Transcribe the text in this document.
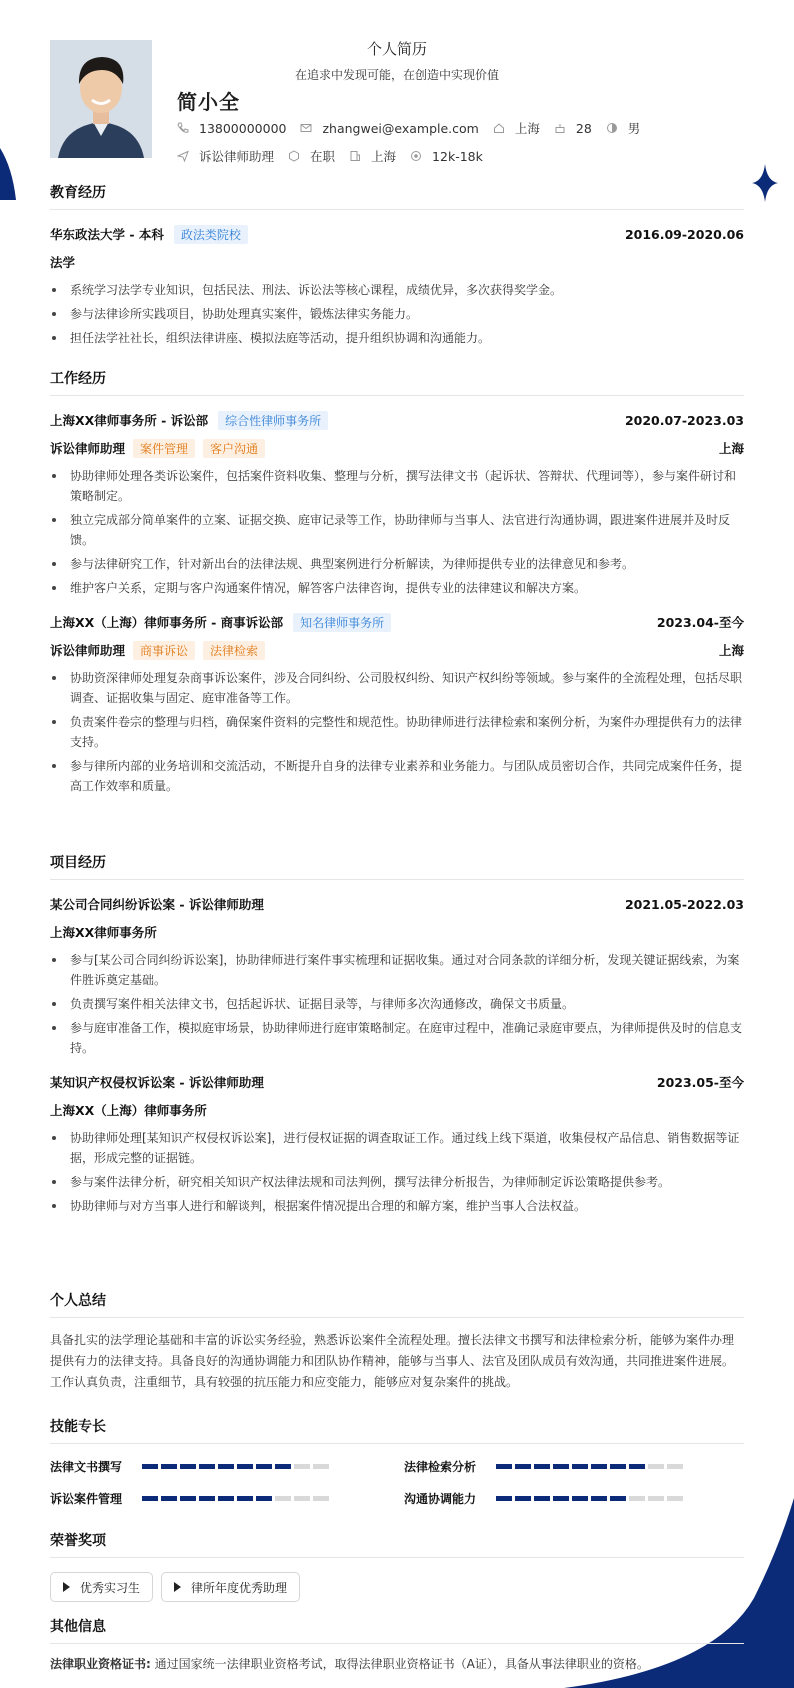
个人简历
在追求中发现可能，在创造中实现价值
简小全
13800000000	zhangwei@example.com	上海	28	男
诉讼律师助理	在职	上海	12k-18k
教育经历
华东政法大学 - 本科	政法类院校	2016.09-2020.06
法学
系统学习法学专业知识，包括民法、刑法、诉讼法等核心课程，成绩优异，多次获得奖学金。
参与法律诊所实践项目，协助处理真实案件，锻炼法律实务能力。
担任法学社社长，组织法律讲座、模拟法庭等活动，提升组织协调和沟通能力。
工作经历
上海XX律师事务所 - 诉讼部	综合性律师事务所	2020.07-2023.03
诉讼律师助理	案件管理	客户沟通	上海
协助律师处理各类诉讼案件，包括案件资料收集、整理与分析，撰写法律文书（起诉状、答辩状、代理词等），参与案件研讨和策略制定。
独立完成部分简单案件的立案、证据交换、庭审记录等工作，协助律师与当事人、法官进行沟通协调，跟进案件进展并及时反馈。
参与法律研究工作，针对新出台的法律法规、典型案例进行分析解读，为律师提供专业的法律意见和参考。
维护客户关系，定期与客户沟通案件情况，解答客户法律咨询，提供专业的法律建议和解决方案。
上海XX（上海）律师事务所 - 商事诉讼部	知名律师事务所	2023.04-至今
诉讼律师助理	商事诉讼	法律检索	上海
协助资深律师处理复杂商事诉讼案件，涉及合同纠纷、公司股权纠纷、知识产权纠纷等领域。参与案件的全流程处理，包括尽职调查、证据收集与固定、庭审准备等工作。
负责案件卷宗的整理与归档，确保案件资料的完整性和规范性。协助律师进行法律检索和案例分析，为案件办理提供有力的法律支持。
参与律所内部的业务培训和交流活动，不断提升自身的法律专业素养和业务能力。与团队成员密切合作，共同完成案件任务，提高工作效率和质量。
项目经历
某公司合同纠纷诉讼案 - 诉讼律师助理	2021.05-2022.03
上海XX律师事务所
参与[某公司合同纠纷诉讼案]，协助律师进行案件事实梳理和证据收集。通过对合同条款的详细分析，发现关键证据线索，为案件胜诉奠定基础。
负责撰写案件相关法律文书，包括起诉状、证据目录等，与律师多次沟通修改，确保文书质量。
参与庭审准备工作，模拟庭审场景，协助律师进行庭审策略制定。在庭审过程中，准确记录庭审要点，为律师提供及时的信息支持。
某知识产权侵权诉讼案 - 诉讼律师助理	2023.05-至今
上海XX（上海）律师事务所
协助律师处理[某知识产权侵权诉讼案]，进行侵权证据的调查取证工作。通过线上线下渠道，收集侵权产品信息、销售数据等证据，形成完整的证据链。
参与案件法律分析，研究相关知识产权法律法规和司法判例，撰写法律分析报告，为律师制定诉讼策略提供参考。
协助律师与对方当事人进行和解谈判，根据案件情况提出合理的和解方案，维护当事人合法权益。
个人总结
具备扎实的法学理论基础和丰富的诉讼实务经验，熟悉诉讼案件全流程处理。擅长法律文书撰写和法律检索分析，能够为案件办理提供有力的法律支持。具备良好的沟通协调能力和团队协作精神，能够与当事人、法官及团队成员有效沟通，共同推进案件进展。工作认真负责，注重细节，具有较强的抗压能力和应变能力，能够应对复杂案件的挑战。
技能专长
法律文书撰写	法律检索分析
诉讼案件管理	沟通协调能力
荣誉奖项
优秀实习生	律所年度优秀助理
其他信息
法律职业资格证书: 通过国家统一法律职业资格考试，取得法律职业资格证书（A证），具备从事法律职业的资格。
